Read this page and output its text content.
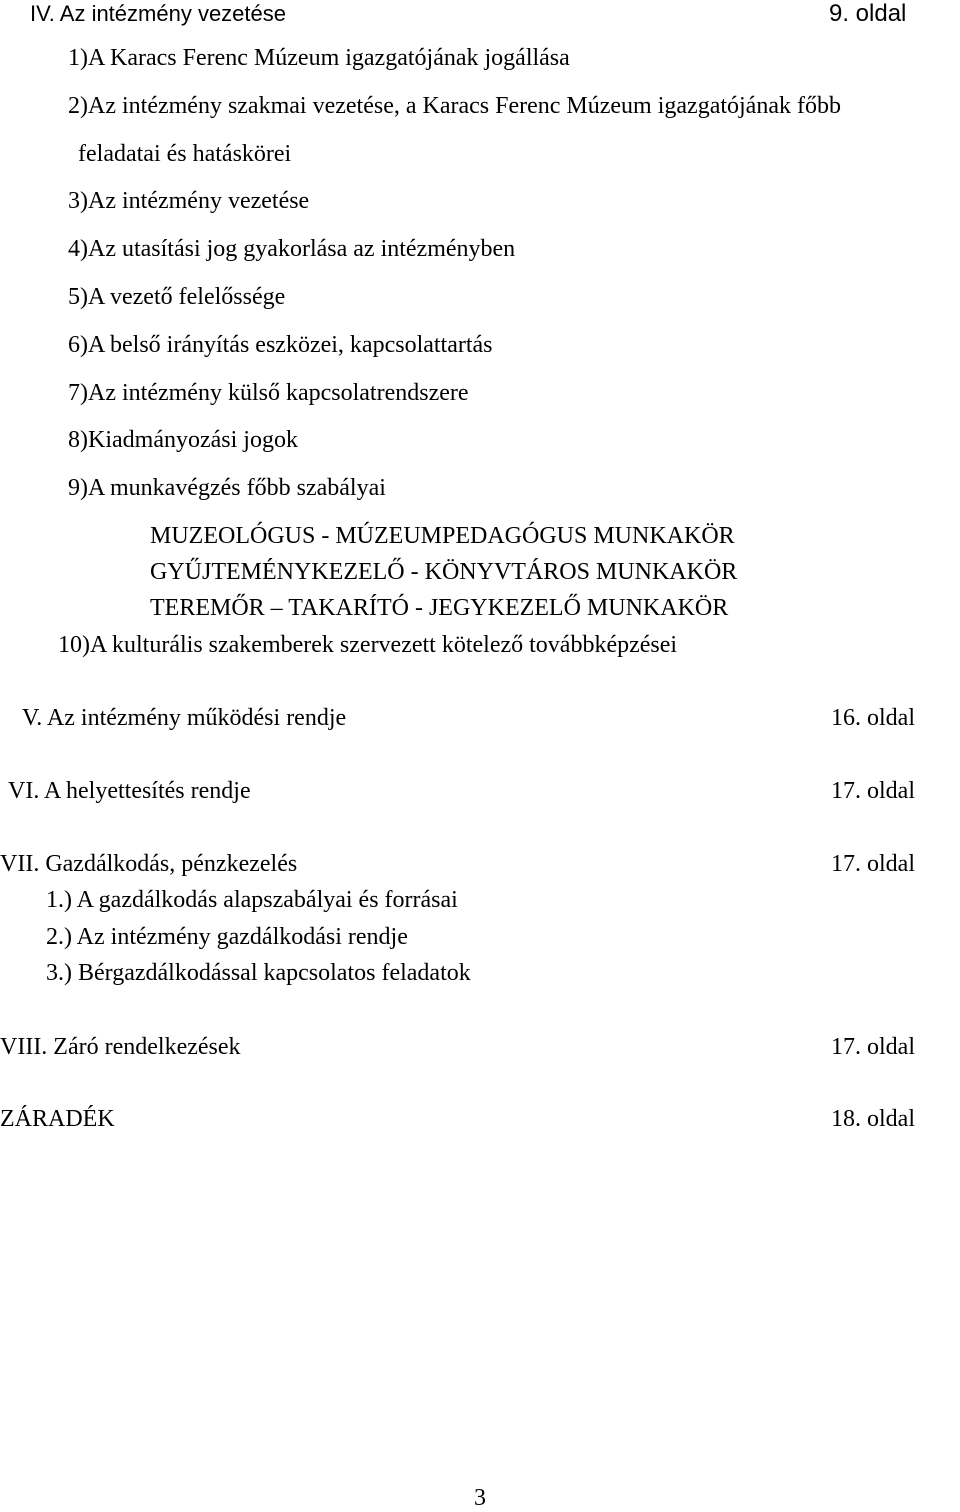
IV. Az intézmény vezetése	9. oldal
1)A Karacs Ferenc Múzeum igazgatójának jogállása
2)Az intézmény szakmai vezetése, a Karacs Ferenc Múzeum igazgatójának főbb
feladatai és hatáskörei
3)Az intézmény vezetése
4)Az utasítási jog gyakorlása az intézményben
5)A vezető felelőssége
6)A belső irányítás eszközei, kapcsolattartás
7)Az intézmény külső kapcsolatrendszere
8)Kiadmányozási jogok
9)A munkavégzés főbb szabályai
MUZEOLÓGUS - MÚZEUMPEDAGÓGUS MUNKAKÖR
GYŰJTEMÉNYKEZELŐ - KÖNYVTÁROS MUNKAKÖR
TEREMŐR – TAKARÍTÓ - JEGYKEZELŐ MUNKAKÖR
10)A kulturális szakemberek szervezett kötelező továbbképzései
V. Az intézmény működési rendje	16. oldal
VI. A helyettesítés rendje	17. oldal
VII. Gazdálkodás, pénzkezelés	17. oldal
1.) A gazdálkodás alapszabályai és forrásai
2.) Az intézmény gazdálkodási rendje
3.) Bérgazdálkodással kapcsolatos feladatok
VIII. Záró rendelkezések	17. oldal
ZÁRADÉK	18. oldal
3
